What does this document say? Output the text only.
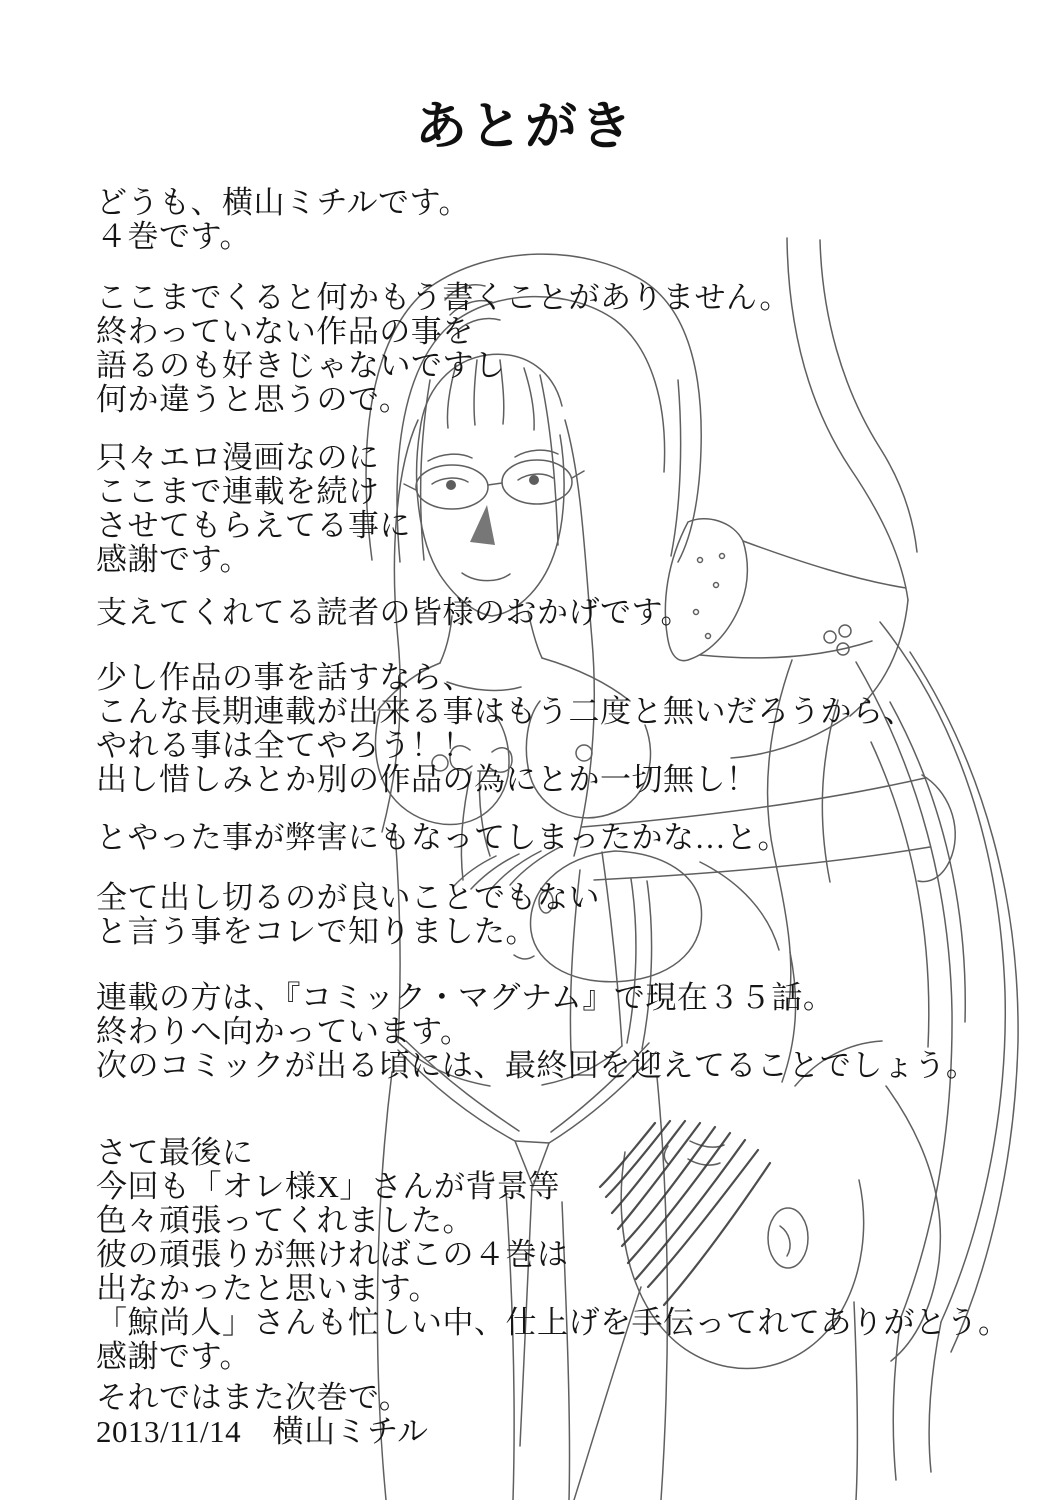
あとがき
どうも、横山ミチルです。
４巻です。
ここまでくると何かもう書くことがありません。
終わっていない作品の事を
語るのも好きじゃないですし
何か違うと思うので。
只々エロ漫画なのに
ここまで連載を続け
させてもらえてる事に
感謝です。
支えてくれてる読者の皆様のおかげです。
少し作品の事を話すなら、
こんな長期連載が出来る事はもう二度と無いだろうから、
やれる事は全てやろう！！
出し惜しみとか別の作品の為にとか一切無し！
とやった事が弊害にもなってしまったかな…と。
全て出し切るのが良いことでもない
と言う事をコレで知りました。
連載の方は、『コミック・マグナム』で現在３５話。
終わりへ向かっています。
次のコミックが出る頃には、最終回を迎えてることでしょう。
さて最後に
今回も「オレ様X」さんが背景等
色々頑張ってくれました。
彼の頑張りが無ければこの４巻は
出なかったと思います。
「鯨尚人」さんも忙しい中、仕上げを手伝ってれてありがとう。
感謝です。
それではまた次巻で。
2013/11/14　横山ミチル
